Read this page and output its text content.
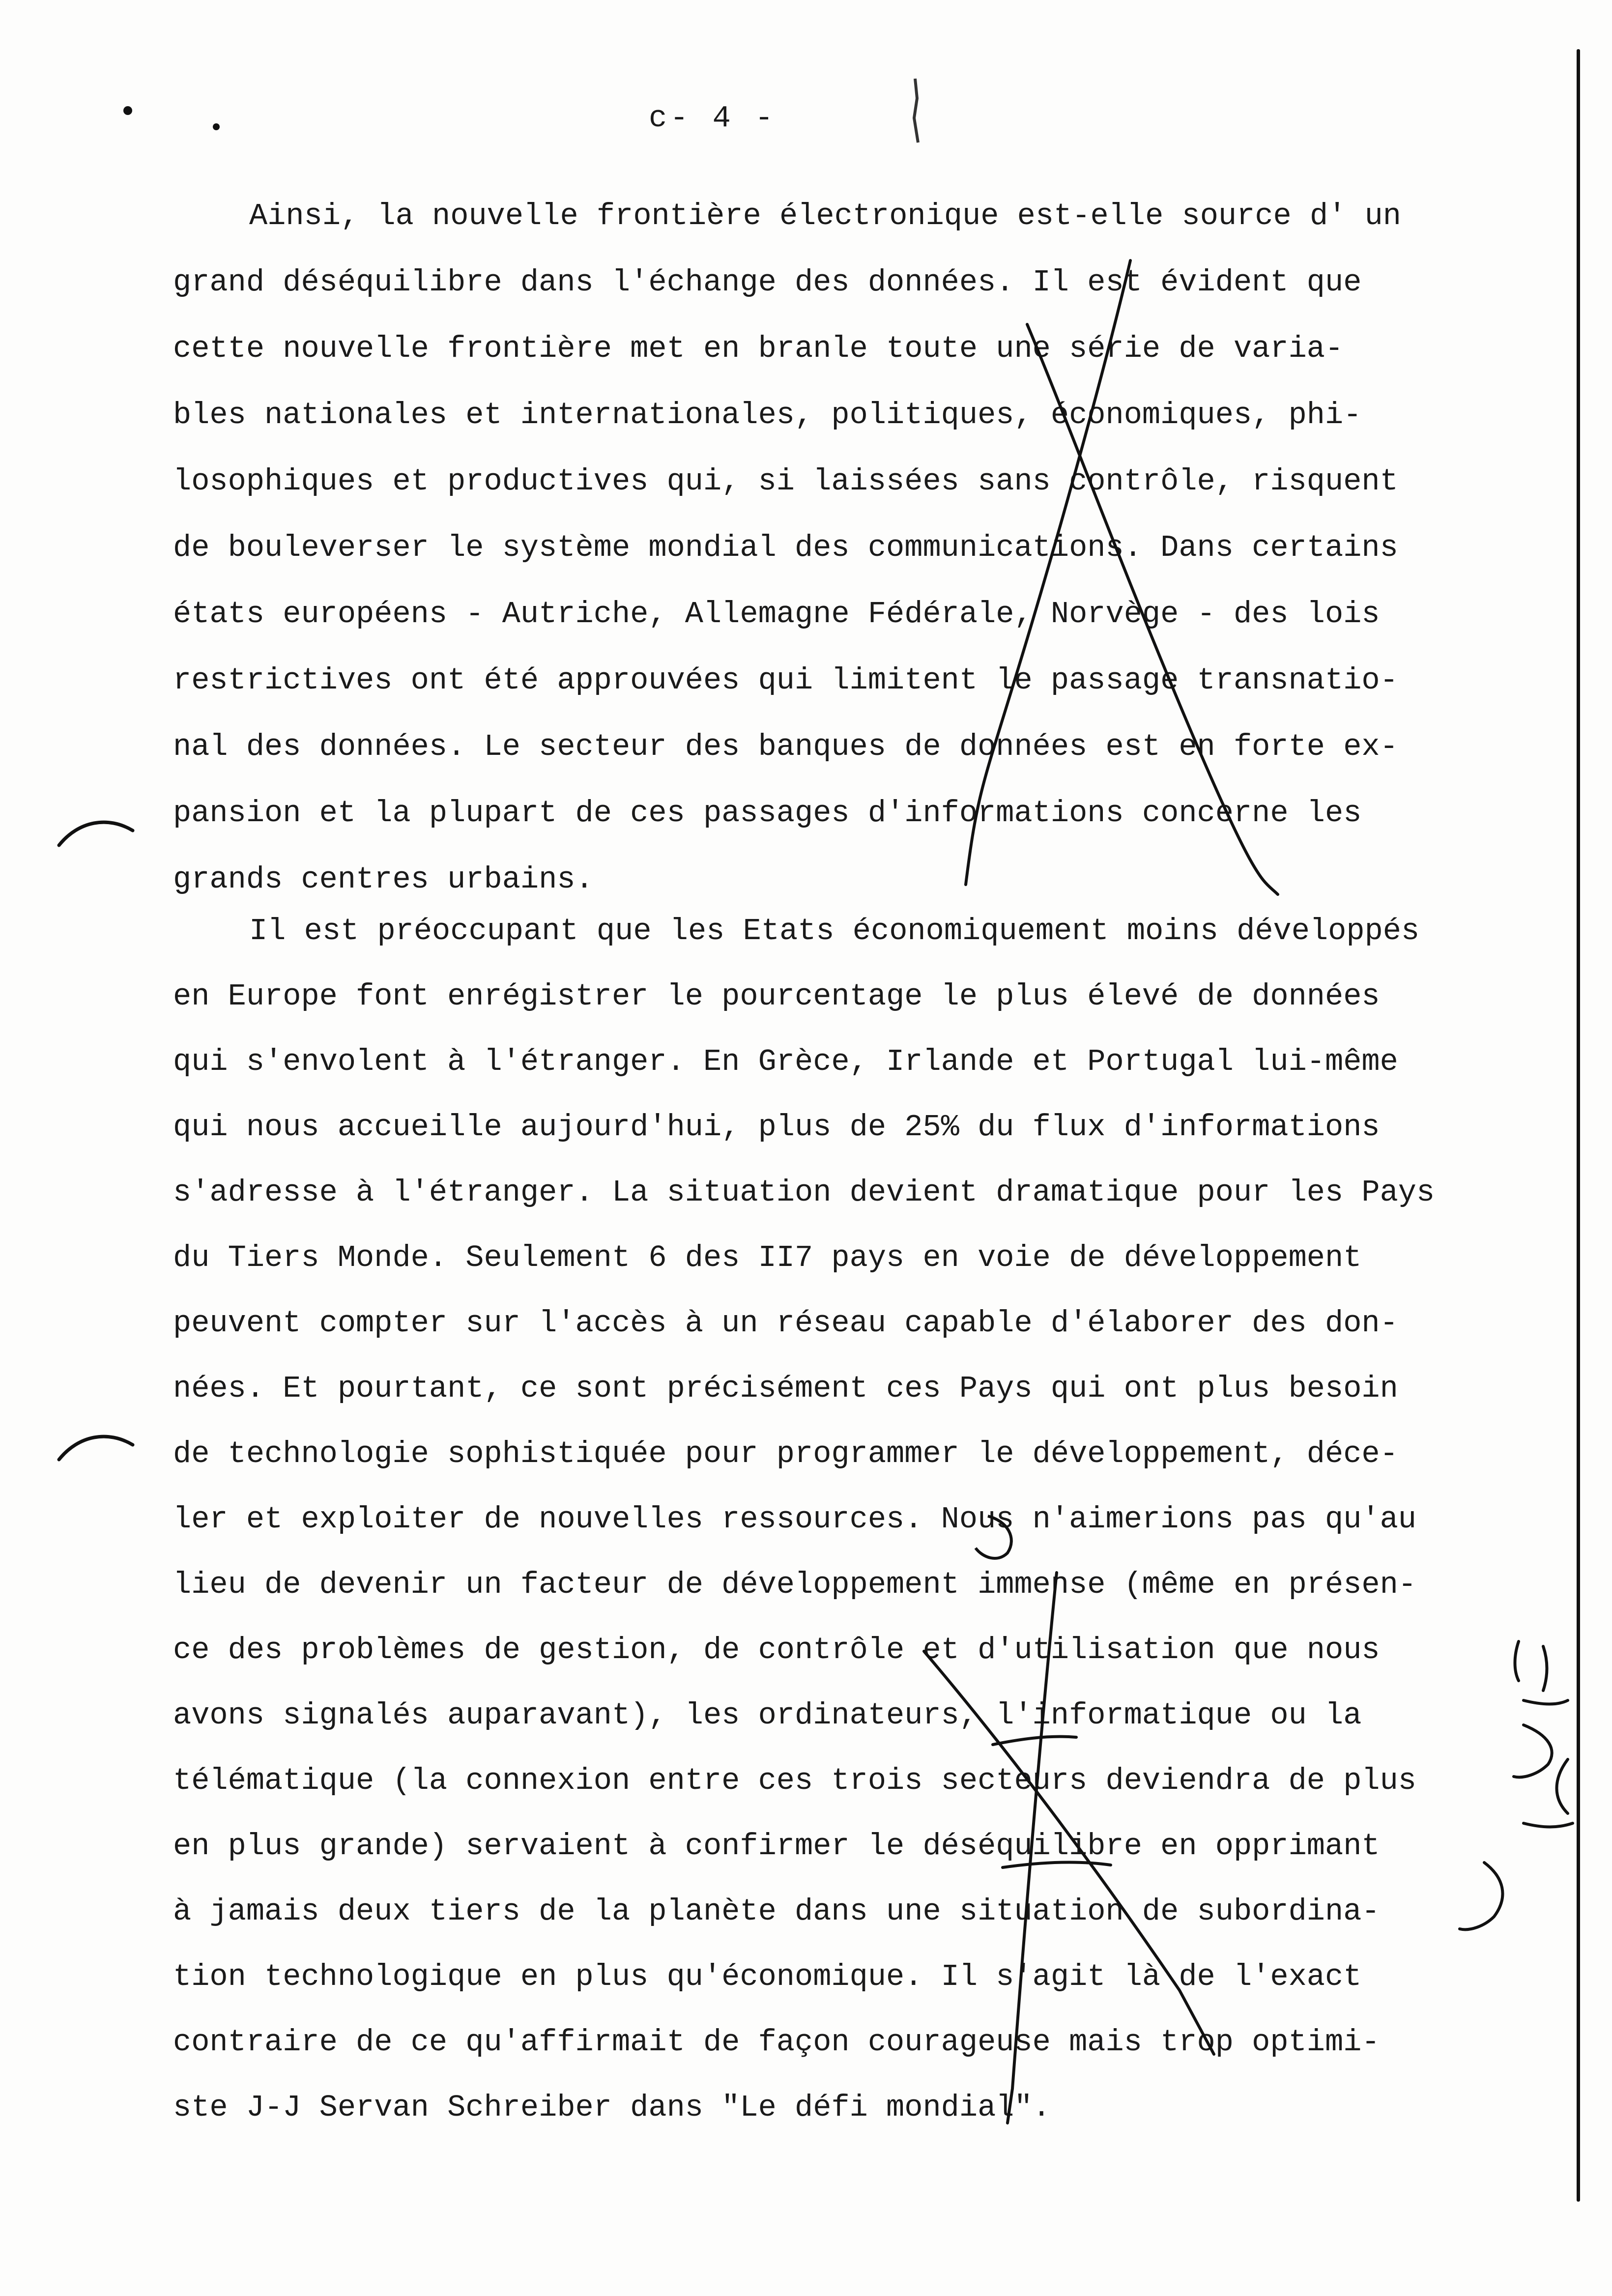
c- 4 -
Ainsi, la nouvelle frontière électronique est-elle source d' un
grand déséquilibre dans l'échange des données. Il est évident que
cette nouvelle frontière met en branle toute une série de varia-
bles nationales et internationales, politiques, économiques, phi-
losophiques et productives qui, si laissées sans contrôle, risquent
de bouleverser le système mondial des communications. Dans certains
états européens - Autriche, Allemagne Fédérale, Norvège - des lois
restrictives ont été approuvées qui limitent le passage transnatio-
nal des données. Le secteur des banques de données est en forte ex-
pansion et la plupart de ces passages d'informations concerne les
grands centres urbains.
Il est préoccupant que les Etats économiquement moins développés
en Europe font enrégistrer le pourcentage le plus élevé de données
qui s'envolent à l'étranger. En Grèce, Irlande et Portugal lui-même
qui nous accueille aujourd'hui, plus de 25% du flux d'informations
s'adresse à l'étranger. La situation devient dramatique pour les Pays
du Tiers Monde. Seulement 6 des II7 pays en voie de développement
peuvent compter sur l'accès à un réseau capable d'élaborer des don-
nées. Et pourtant, ce sont précisément ces Pays qui ont plus besoin
de technologie sophistiquée pour programmer le développement, déce-
ler et exploiter de nouvelles ressources. Nous n'aimerions pas qu'au
lieu de devenir un facteur de développement immense (même en présen-
ce des problèmes de gestion, de contrôle et d'utilisation que nous
avons signalés auparavant), les ordinateurs, l'informatique ou la
télématique (la connexion entre ces trois secteurs deviendra de plus
en plus grande) servaient à confirmer le déséquilibre en opprimant
à jamais deux tiers de la planète dans une situation de subordina-
tion technologique en plus qu'économique. Il s'agit là de l'exact
contraire de ce qu'affirmait de façon courageuse mais trop optimi-
ste J-J Servan Schreiber dans "Le défi mondial".
